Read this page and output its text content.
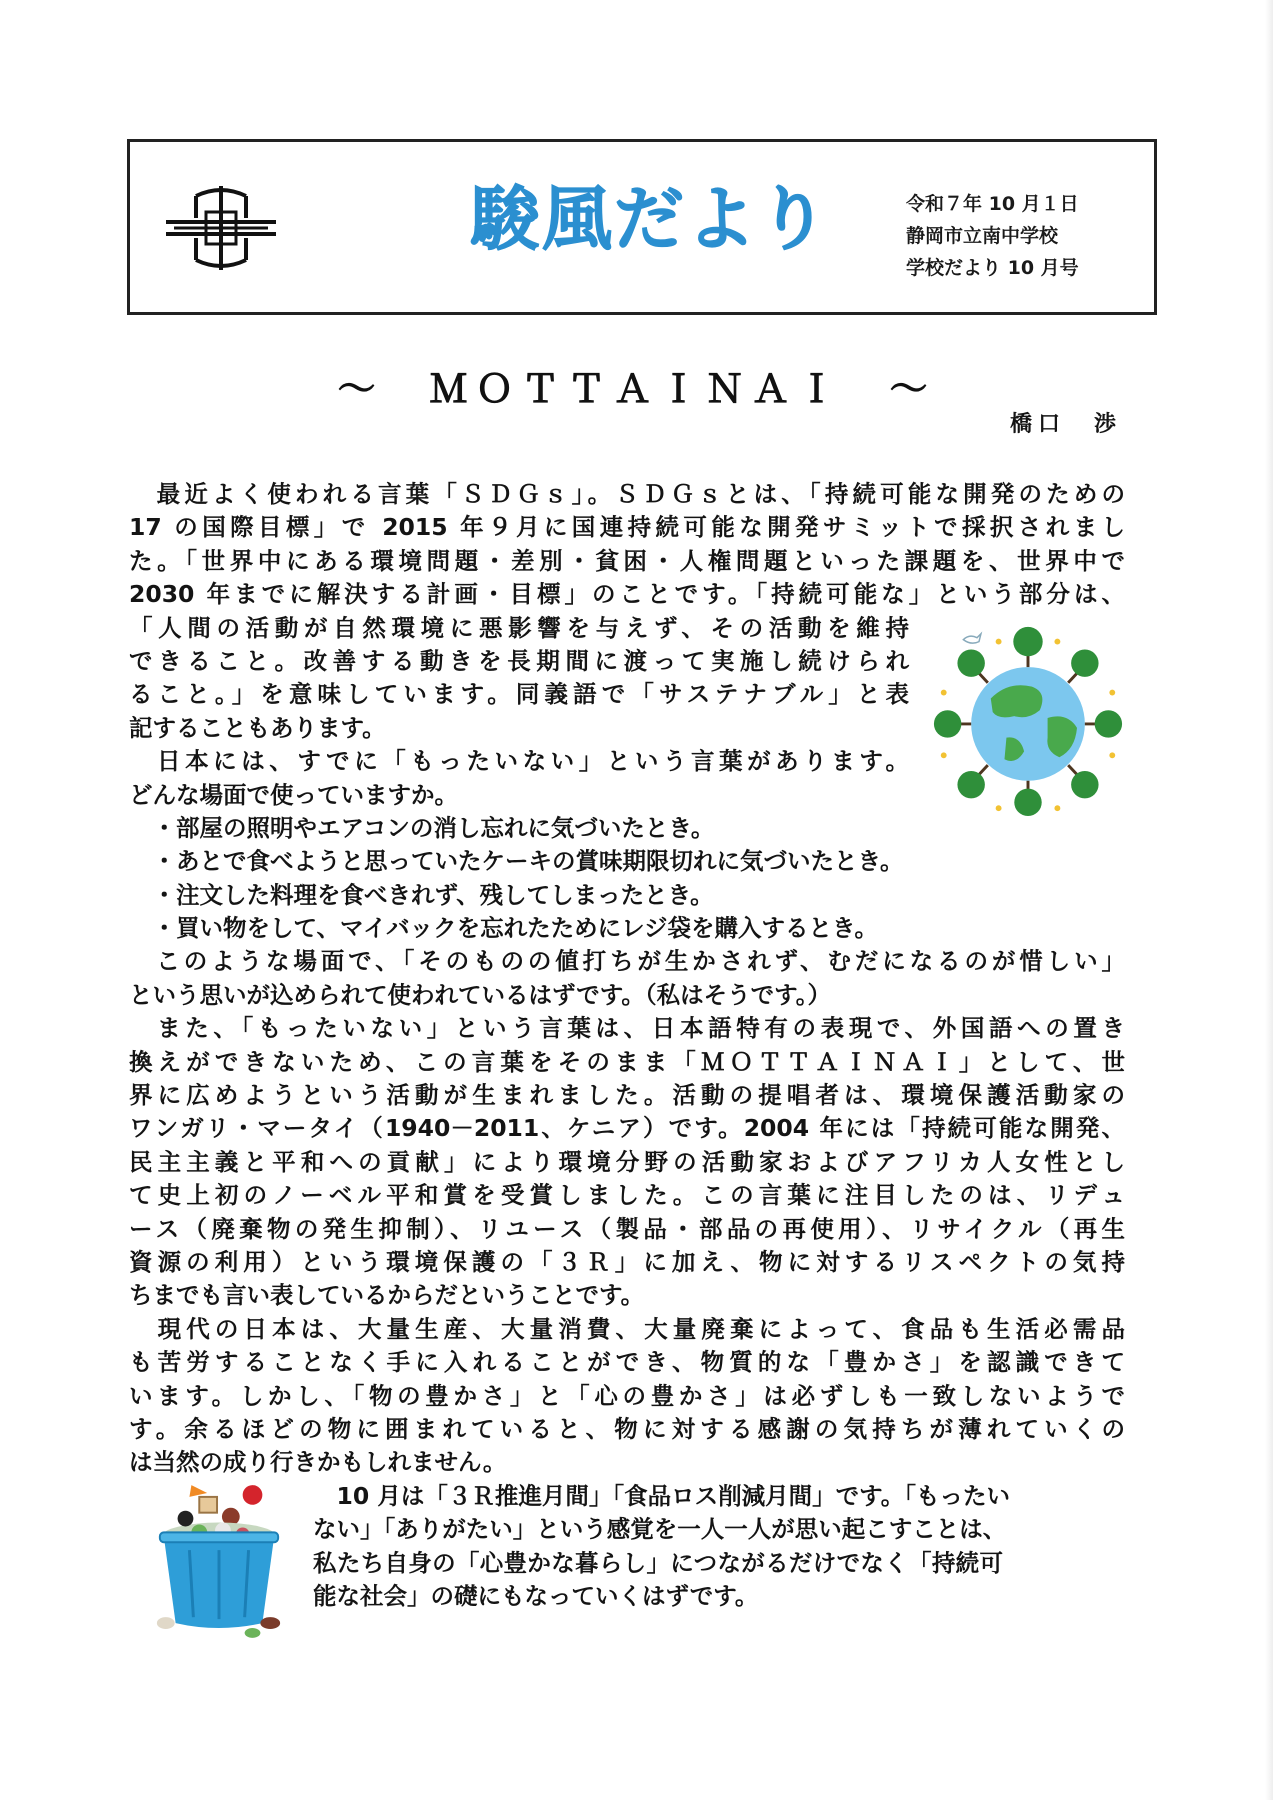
駿風だより	令和７年 10 月１日
静岡市立南中学校
学校だより 10 月号
～　ＭＯＴＴＡＩＮＡＩ　～
橋口　渉
　最近よく使われる言葉「ＳＤＧｓ」。ＳＤＧｓとは、「持続可能な開発のための
17 の国際目標」で 2015 年９月に国連持続可能な開発サミットで採択されまし
た。「世界中にある環境問題・差別・貧困・人権問題といった課題を、世界中で
2030 年までに解決する計画・目標」のことです。「持続可能な」という部分は、
「人間の活動が自然環境に悪影響を与えず、その活動を維持
できること。改善する動きを長期間に渡って実施し続けられ
ること。」を意味しています。同義語で「サステナブル」と表
記することもあります。
　日本には、すでに「もったいない」という言葉があります。
どんな場面で使っていますか。
　・部屋の照明やエアコンの消し忘れに気づいたとき。
　・あとで食べようと思っていたケーキの賞味期限切れに気づいたとき。
　・注文した料理を食べきれず、残してしまったとき。
　・買い物をして、マイバックを忘れたためにレジ袋を購入するとき。
　このような場面で、「そのものの値打ちが生かされず、むだになるのが惜しい」
という思いが込められて使われているはずです。（私はそうです。）
　また、「もったいない」という言葉は、日本語特有の表現で、外国語への置き
換えができないため、この言葉をそのまま「ＭＯＴＴＡＩＮＡＩ」として、世
界に広めようという活動が生まれました。活動の提唱者は、環境保護活動家の
ワンガリ・マータイ（1940－2011、ケニア）です。2004 年には「持続可能な開発、
民主主義と平和への貢献」により環境分野の活動家およびアフリカ人女性とし
て史上初のノーベル平和賞を受賞しました。この言葉に注目したのは、リデュ
ース（廃棄物の発生抑制）、リユース（製品・部品の再使用）、リサイクル（再生
資源の利用）という環境保護の「３Ｒ」に加え、物に対するリスペクトの気持
ちまでも言い表しているからだということです。
　現代の日本は、大量生産、大量消費、大量廃棄によって、食品も生活必需品
も苦労することなく手に入れることができ、物質的な「豊かさ」を認識できて
います。しかし、「物の豊かさ」と「心の豊かさ」は必ずしも一致しないようで
す。余るほどの物に囲まれていると、物に対する感謝の気持ちが薄れていくの
は当然の成り行きかもしれません。
　10 月は「３Ｒ推進月間」「食品ロス削減月間」です。「もったい
ない」「ありがたい」という感覚を一人一人が思い起こすことは、
私たち自身の「心豊かな暮らし」につながるだけでなく「持続可
能な社会」の礎にもなっていくはずです。
